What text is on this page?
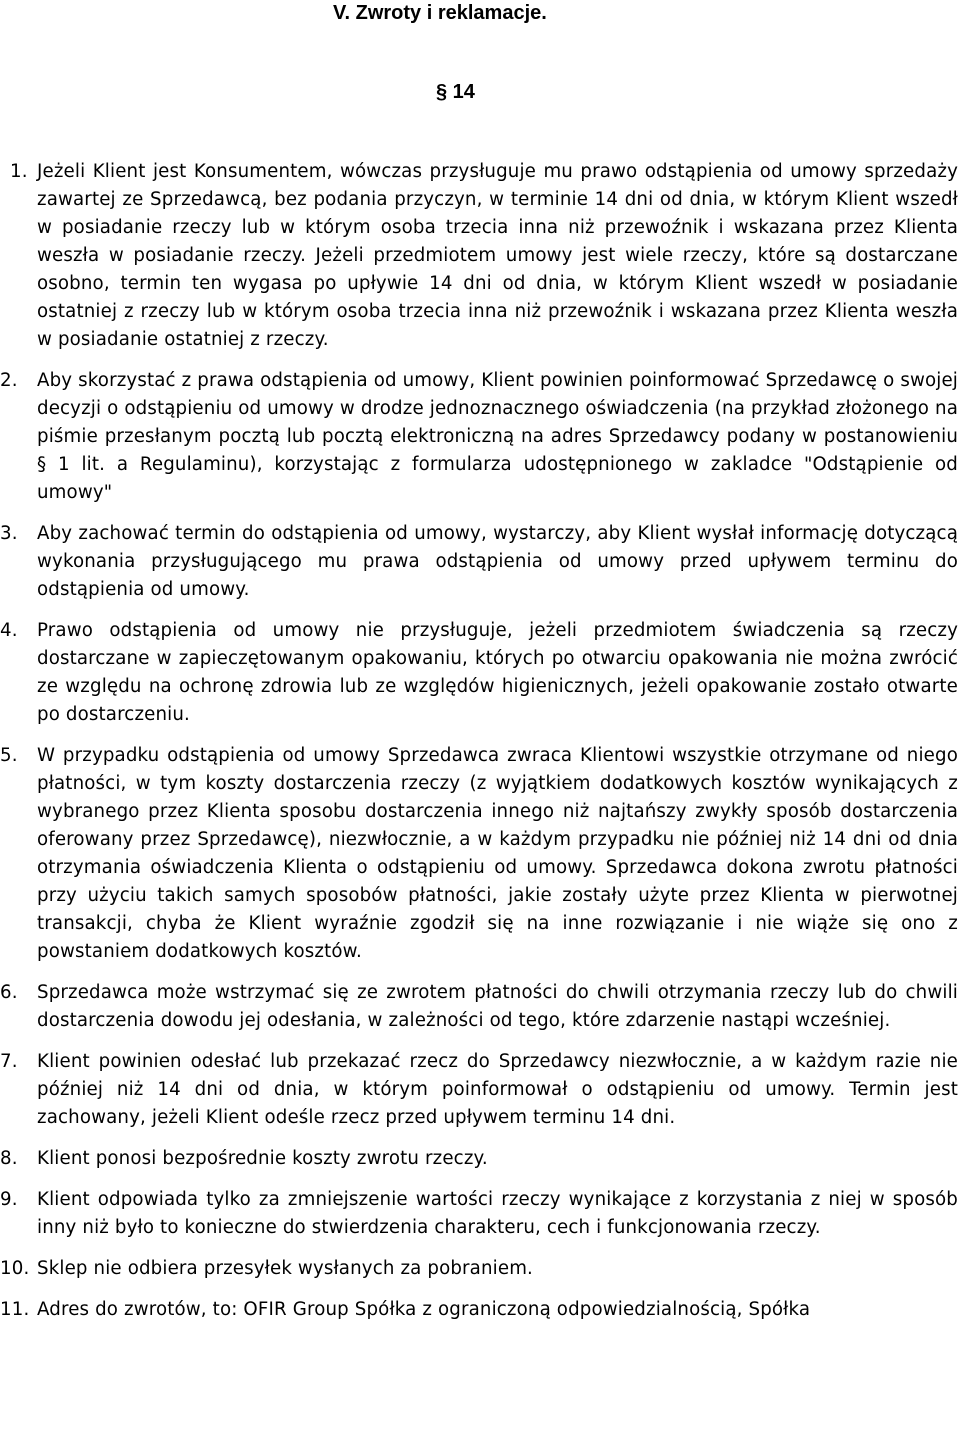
V. Zwroty i reklamacje.
§ 14
1. Jeżeli Klient jest Konsumentem, wówczas przysługuje mu prawo odstąpienia od umowy sprzedaży zawartej ze Sprzedawcą, bez podania przyczyn, w terminie 14 dni od dnia, w którym Klient wszedł w posiadanie rzeczy lub w którym osoba trzecia inna niż przewoźnik i wskazana przez Klienta weszła w posiadanie rzeczy. Jeżeli przedmiotem umowy jest wiele rzeczy, które są dostarczane osobno, termin ten wygasa po upływie 14 dni od dnia, w którym Klient wszedł w posiadanie ostatniej z rzeczy lub w którym osoba trzecia inna niż przewoźnik i wskazana przez Klienta weszła w posiadanie ostatniej z rzeczy.
2.	Aby skorzystać z prawa odstąpienia od umowy, Klient powinien poinformować Sprzedawcę o swojej decyzji o odstąpieniu od umowy w drodze jednoznacznego oświadczenia (na przykład złożonego na piśmie przesłanym pocztą lub pocztą elektroniczną na adres Sprzedawcy podany w postanowieniu § 1 lit. a Regulaminu), korzystając z formularza udostępnionego w zakladce "Odstąpienie od umowy"
3.	Aby zachować termin do odstąpienia od umowy, wystarczy, aby Klient wysłał informację dotyczącą wykonania przysługującego mu prawa odstąpienia od umowy przed upływem terminu do odstąpienia od umowy.
4.	Prawo odstąpienia od umowy nie przysługuje, jeżeli przedmiotem świadczenia są rzeczy dostarczane w zapieczętowanym opakowaniu, których po otwarciu opakowania nie można zwrócić ze względu na ochronę zdrowia lub ze względów higienicznych, jeżeli opakowanie zostało otwarte po dostarczeniu.
5.	W przypadku odstąpienia od umowy Sprzedawca zwraca Klientowi wszystkie otrzymane od niego płatności, w tym koszty dostarczenia rzeczy (z wyjątkiem dodatkowych kosztów wynikających z wybranego przez Klienta sposobu dostarczenia innego niż najtańszy zwykły sposób dostarczenia oferowany przez Sprzedawcę), niezwłocznie, a w każdym przypadku nie później niż 14 dni od dnia otrzymania oświadczenia Klienta o odstąpieniu od umowy. Sprzedawca dokona zwrotu płatności przy użyciu takich samych sposobów płatności, jakie zostały użyte przez Klienta w pierwotnej transakcji, chyba że Klient wyraźnie zgodził się na inne rozwiązanie i nie wiąże się ono z powstaniem dodatkowych kosztów.
6.	Sprzedawca może wstrzymać się ze zwrotem płatności do chwili otrzymania rzeczy lub do chwili dostarczenia dowodu jej odesłania, w zależności od tego, które zdarzenie nastąpi wcześniej.
7.	Klient powinien odesłać lub przekazać rzecz do Sprzedawcy niezwłocznie, a w każdym razie nie później niż 14 dni od dnia, w którym poinformował o odstąpieniu od umowy. Termin jest zachowany, jeżeli Klient odeśle rzecz przed upływem terminu 14 dni.
8.	Klient ponosi bezpośrednie koszty zwrotu rzeczy.
9.	Klient odpowiada tylko za zmniejszenie wartości rzeczy wynikające z korzystania z niej w sposób inny niż było to konieczne do stwierdzenia charakteru, cech i funkcjonowania rzeczy.
10. Sklep nie odbiera przesyłek wysłanych za pobraniem.
11. Adres do zwrotów, to: OFIR Group Spółka z ograniczoną odpowiedzialnością, Spółka
